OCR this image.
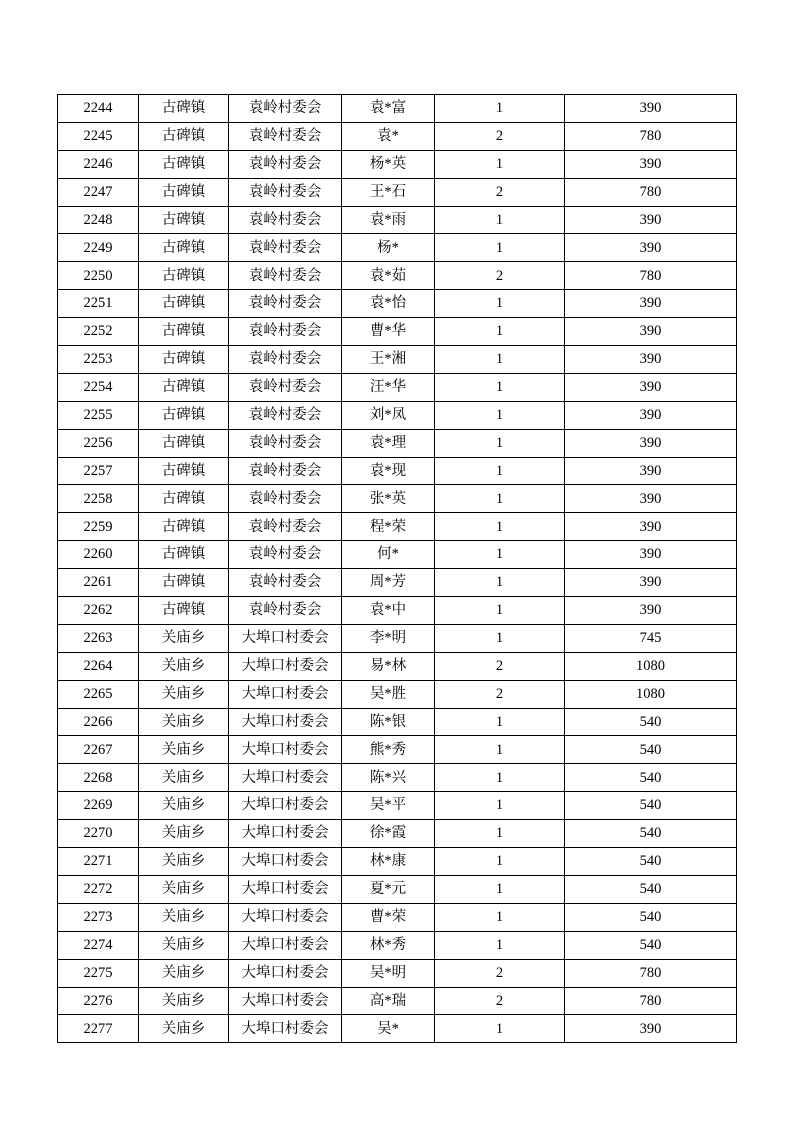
2244	古碑镇	袁岭村委会	袁*富	1	390
2245	古碑镇	袁岭村委会	袁*	2	780
2246	古碑镇	袁岭村委会	杨*英	1	390
2247	古碑镇	袁岭村委会	王*石	2	780
2248	古碑镇	袁岭村委会	袁*雨	1	390
2249	古碑镇	袁岭村委会	杨*	1	390
2250	古碑镇	袁岭村委会	袁*茹	2	780
2251	古碑镇	袁岭村委会	袁*怡	1	390
2252	古碑镇	袁岭村委会	曹*华	1	390
2253	古碑镇	袁岭村委会	王*湘	1	390
2254	古碑镇	袁岭村委会	汪*华	1	390
2255	古碑镇	袁岭村委会	刘*凤	1	390
2256	古碑镇	袁岭村委会	袁*理	1	390
2257	古碑镇	袁岭村委会	袁*现	1	390
2258	古碑镇	袁岭村委会	张*英	1	390
2259	古碑镇	袁岭村委会	程*荣	1	390
2260	古碑镇	袁岭村委会	何*	1	390
2261	古碑镇	袁岭村委会	周*芳	1	390
2262	古碑镇	袁岭村委会	袁*中	1	390
2263	关庙乡	大埠口村委会	李*明	1	745
2264	关庙乡	大埠口村委会	易*林	2	1080
2265	关庙乡	大埠口村委会	吴*胜	2	1080
2266	关庙乡	大埠口村委会	陈*银	1	540
2267	关庙乡	大埠口村委会	熊*秀	1	540
2268	关庙乡	大埠口村委会	陈*兴	1	540
2269	关庙乡	大埠口村委会	吴*平	1	540
2270	关庙乡	大埠口村委会	徐*霞	1	540
2271	关庙乡	大埠口村委会	林*康	1	540
2272	关庙乡	大埠口村委会	夏*元	1	540
2273	关庙乡	大埠口村委会	曹*荣	1	540
2274	关庙乡	大埠口村委会	林*秀	1	540
2275	关庙乡	大埠口村委会	吴*明	2	780
2276	关庙乡	大埠口村委会	高*瑞	2	780
2277	关庙乡	大埠口村委会	吴*	1	390
